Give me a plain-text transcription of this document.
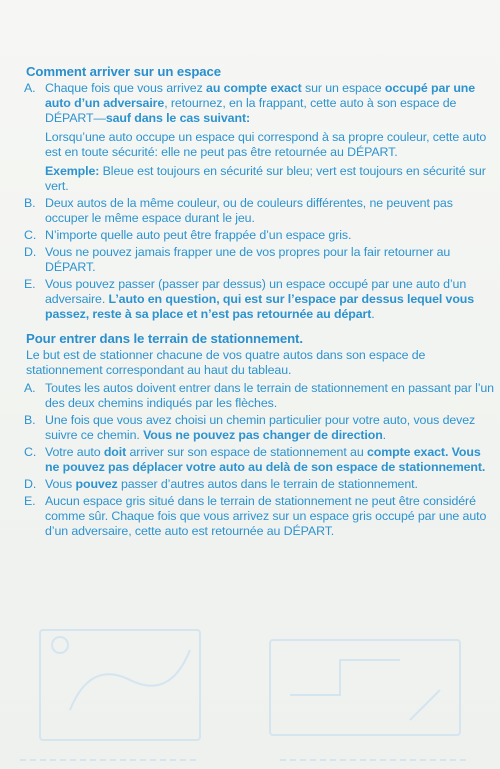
Comment arriver sur un espace
A. Chaque fois que vous arrivez au compte exact sur un espace occupé par une auto d’un adversaire, retournez, en la frappant, cette auto à son espace de DÉPART—sauf dans le cas suivant:
Lorsqu’une auto occupe un espace qui correspond à sa propre couleur, cette auto est en toute sécurité: elle ne peut pas être retournée au DÉPART.
Exemple: Bleue est toujours en sécurité sur bleu; vert est toujours en sécurité sur vert.
B. Deux autos de la même couleur, ou de couleurs différentes, ne peuvent pas occuper le même espace durant le jeu.
C. N’importe quelle auto peut être frappée d’un espace gris.
D. Vous ne pouvez jamais frapper une de vos propres pour la fair retourner au DÉPART.
E. Vous pouvez passer (passer par dessus) un espace occupé par une auto d’un adversaire. L’auto en question, qui est sur l’espace par dessus lequel vous passez, reste à sa place et n’est pas retournée au départ.
Pour entrer dans le terrain de stationnement.
Le but est de stationner chacune de vos quatre autos dans son espace de stationnement correspondant au haut du tableau.
A. Toutes les autos doivent entrer dans le terrain de stationnement en passant par l’un des deux chemins indiqués par les flèches.
B. Une fois que vous avez choisi un chemin particulier pour votre auto, vous devez suivre ce chemin. Vous ne pouvez pas changer de direction.
C. Votre auto doit arriver sur son espace de stationnement au compte exact. Vous ne pouvez pas déplacer votre auto au delà de son espace de stationnement.
D. Vous pouvez passer d’autres autos dans le terrain de stationnement.
E. Aucun espace gris situé dans le terrain de stationnement ne peut être considéré comme sûr. Chaque fois que vous arrivez sur un espace gris occupé par une auto d’un adversaire, cette auto est retournée au DÉPART.
